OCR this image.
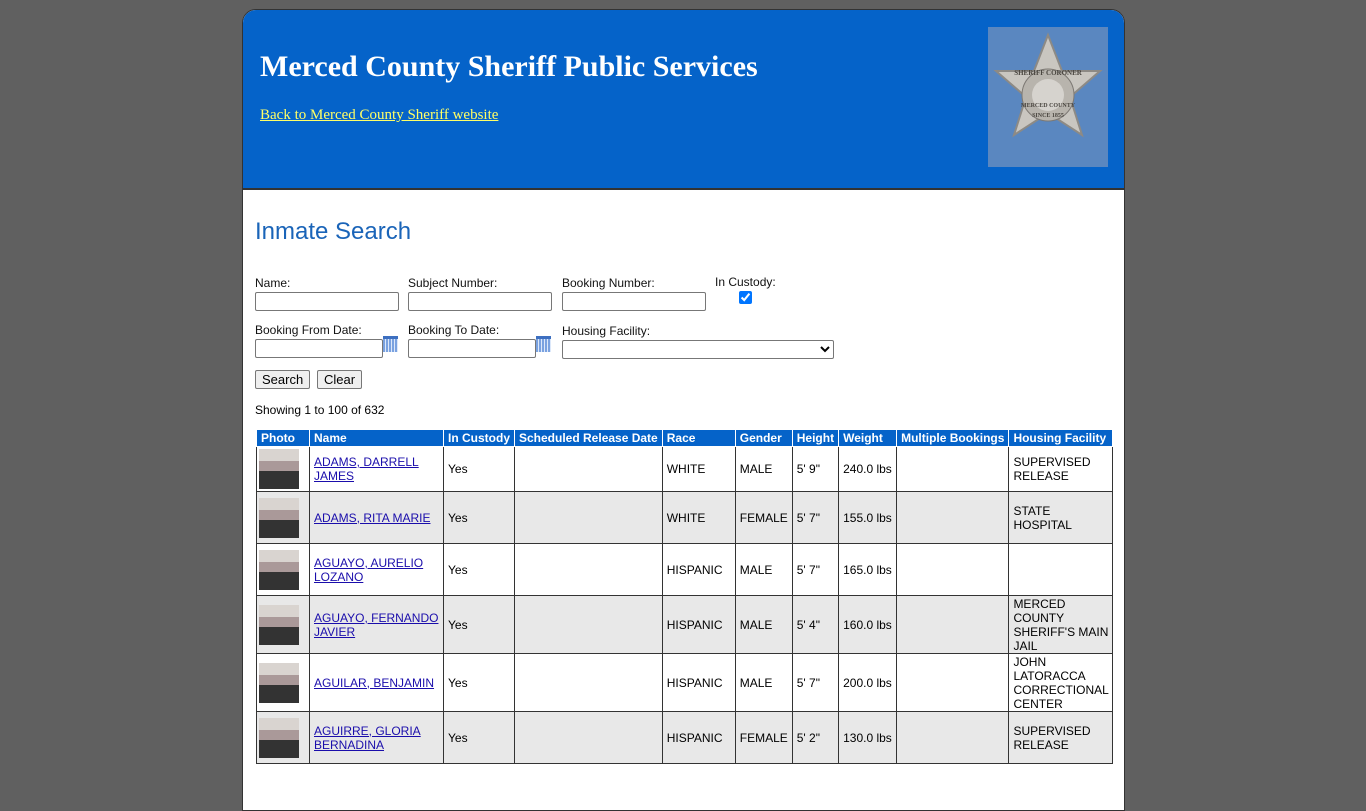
Merced County Sheriff Public Services
Back to Merced County Sheriff website
SHERIFF CORONER
MERCED COUNTY
SINCE 1855
Inmate Search
Name:	Subject Number:	Booking Number:	In Custody:

Booking From Date:	Booking To Date:	Housing Facility:
Search	Clear
Showing 1 to 100 of 632
Photo	Name	In Custody	Scheduled Release Date	Race	Gender	Height	Weight	Multiple Bookings	Housing Facility

	ADAMS, DARRELL JAMES	Yes		WHITE	MALE	5' 9"	240.0 lbs		SUPERVISED RELEASE

	ADAMS, RITA MARIE	Yes		WHITE	FEMALE	5' 7"	155.0 lbs		STATE HOSPITAL

	AGUAYO, AURELIO LOZANO	Yes		HISPANIC	MALE	5' 7"	165.0 lbs		

	AGUAYO, FERNANDO JAVIER	Yes		HISPANIC	MALE	5' 4"	160.0 lbs		MERCED COUNTY SHERIFF'S MAIN JAIL

	AGUILAR, BENJAMIN	Yes		HISPANIC	MALE	5' 7"	200.0 lbs		JOHN LATORACCA CORRECTIONAL CENTER

	AGUIRRE, GLORIA BERNADINA	Yes		HISPANIC	FEMALE	5' 2"	130.0 lbs		SUPERVISED RELEASE
